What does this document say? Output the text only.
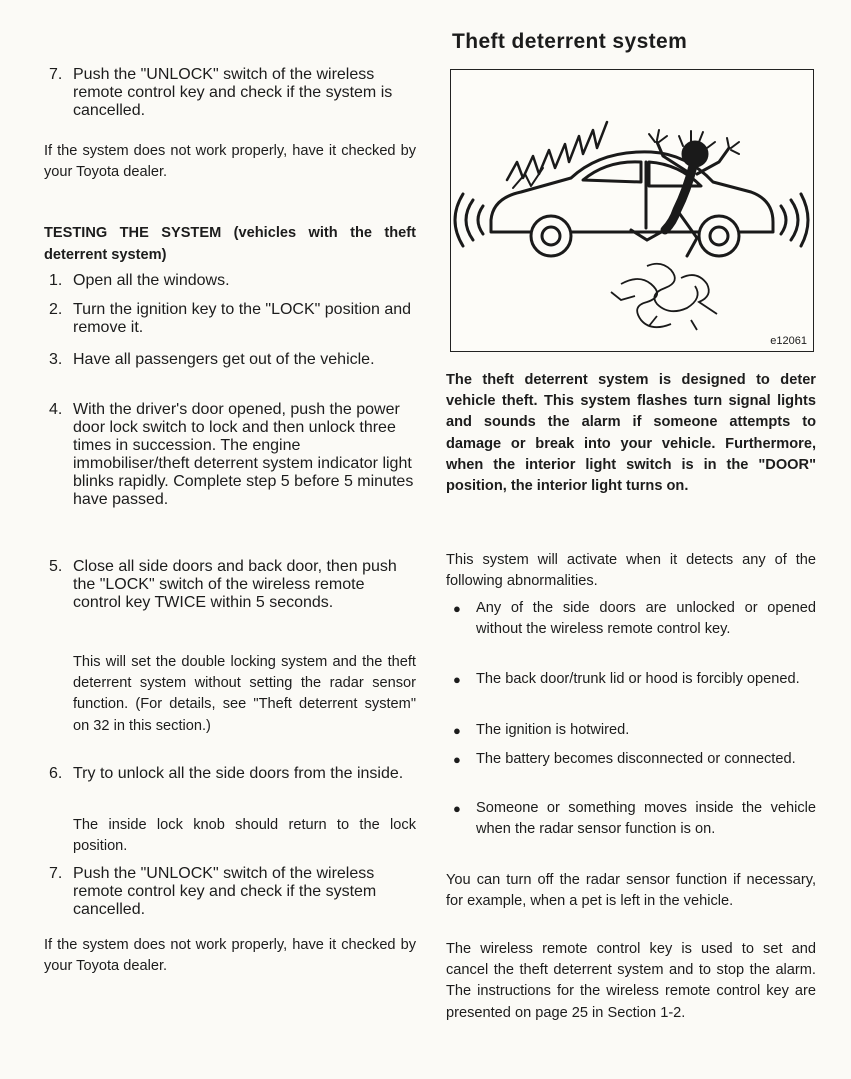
7. Push the "UNLOCK" switch of the wireless remote control key and check if the system is cancelled.

If the system does not work properly, have it checked by your Toyota dealer.

TESTING THE SYSTEM (vehicles with the theft deterrent system)

1. Open all the windows.
2. Turn the ignition key to the "LOCK" position and remove it.
3. Have all passengers get out of the vehicle.
4. With the driver's door opened, push the power door lock switch to lock and then unlock three times in succession. The engine immobiliser/theft deterrent system indicator light blinks rapidly. Complete step 5 before 5 minutes have passed.
5. Close all side doors and back door, then push the "LOCK" switch of the wireless remote control key TWICE within 5 seconds.
This will set the double locking system and the theft deterrent system without setting the radar sensor function. (For details, see "Theft deterrent system" on 32 in this section.)
6. Try to unlock all the side doors from the inside.
The inside lock knob should return to the lock position.
7. Push the "UNLOCK" switch of the wireless remote control key and check if the system cancelled.

If the system does not work properly, have it checked by your Toyota dealer.

Theft deterrent system
e12061

The theft deterrent system is designed to deter vehicle theft. This system flashes turn signal lights and sounds the alarm if someone attempts to damage or break into your vehicle. Furthermore, when the interior light switch is in the "DOOR" position, the interior light turns on.

This system will activate when it detects any of the following abnormalities.

● Any of the side doors are unlocked or opened without the wireless remote control key.
● The back door/trunk lid or hood is forcibly opened.
● The ignition is hotwired.
● The battery becomes disconnected or connected.
● Someone or something moves inside the vehicle when the radar sensor function is on.

You can turn off the radar sensor function if necessary, for example, when a pet is left in the vehicle.

The wireless remote control key is used to set and cancel the theft deterrent system and to stop the alarm. The instructions for the wireless remote control key are presented on page 25 in Section 1-2.
